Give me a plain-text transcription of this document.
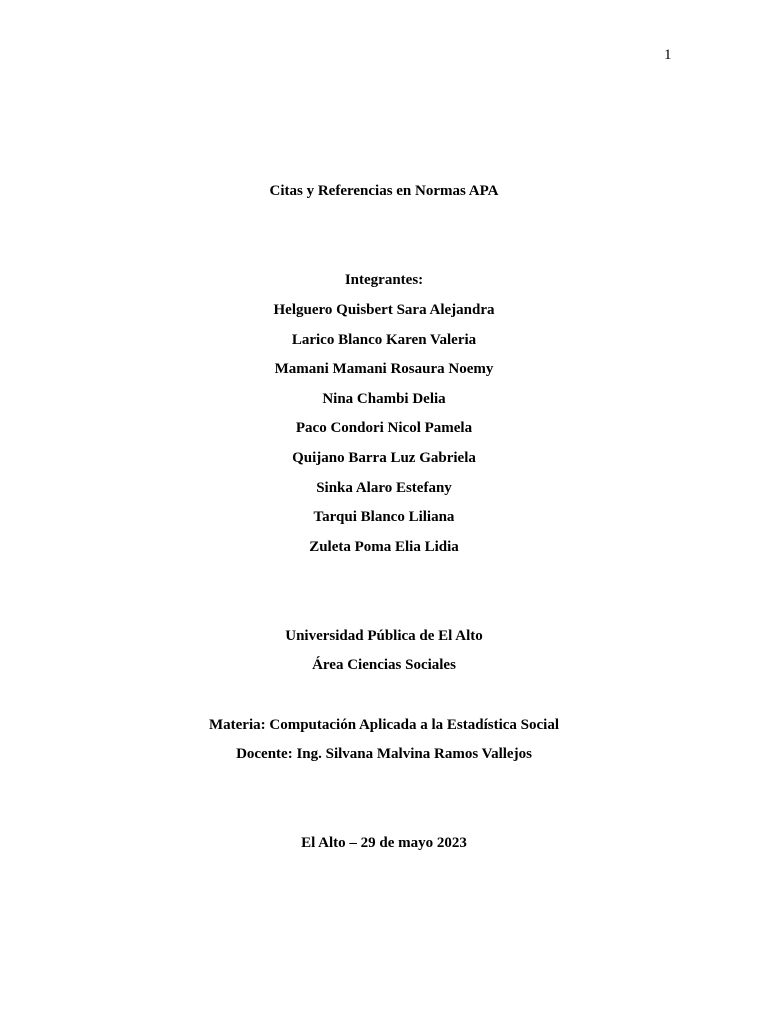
1
Citas y Referencias en Normas APA
Integrantes:
Helguero Quisbert Sara Alejandra
Larico Blanco Karen Valeria
Mamani Mamani Rosaura Noemy
Nina Chambi Delia
Paco Condori Nicol Pamela
Quijano Barra Luz Gabriela
Sinka Alaro Estefany
Tarqui Blanco Liliana
Zuleta Poma Elia Lidia
Universidad Pública de El Alto
Área Ciencias Sociales
Materia: Computación Aplicada a la Estadística Social
Docente: Ing. Silvana Malvina Ramos Vallejos
El Alto – 29 de mayo 2023
